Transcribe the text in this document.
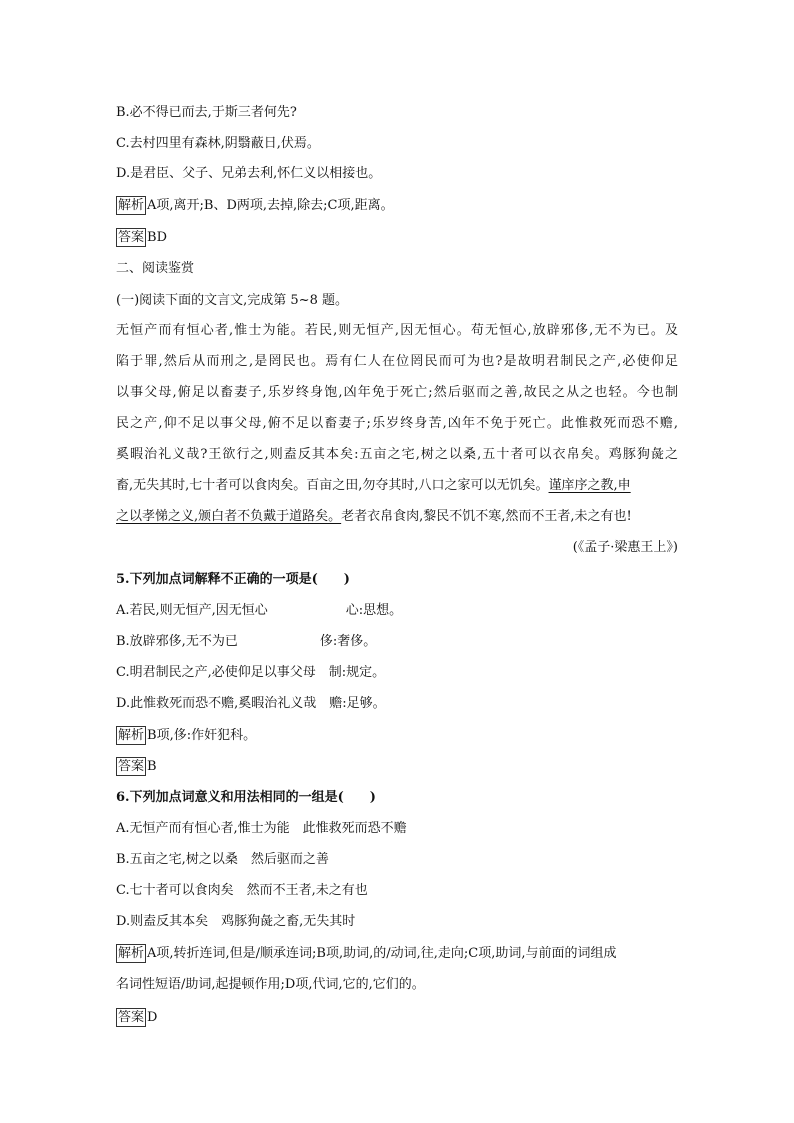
B.必不得已而去,于斯三者何先?
C.去村四里有森林,阴翳蔽日,伏焉。
D.是君臣、父子、兄弟去利,怀仁义以相接也。
解析 A项,离开;B、D两项,去掉,除去;C项,距离。
答案 BD
二、阅读鉴赏
(一)阅读下面的文言文,完成第 5~8 题。
无恒产而有恒心者,惟士为能。若民,则无恒产,因无恒心。苟无恒心,放辟邪侈,无不为已。及
陷于罪,然后从而刑之,是罔民也。焉有仁人在位罔民而可为也?是故明君制民之产,必使仰足
以事父母,俯足以畜妻子,乐岁终身饱,凶年免于死亡;然后驱而之善,故民之从之也轻。今也制
民之产,仰不足以事父母,俯不足以畜妻子;乐岁终身苦,凶年不免于死亡。此惟救死而恐不赡,
奚暇治礼义哉?王欲行之,则盍反其本矣:五亩之宅,树之以桑,五十者可以衣帛矣。鸡豚狗彘之
畜,无失其时,七十者可以食肉矣。百亩之田,勿夺其时,八口之家可以无饥矣。谨庠序之教,申
之以孝悌之义,颁白者不负戴于道路矣。老者衣帛食肉,黎民不饥不寒,然而不王者,未之有也!
(《孟子·梁惠王上》)
5.下列加点词解释不正确的一项是(　　)
A.若民,则无恒产,因无恒心	心:思想。
B.放辟邪侈,无不为已	侈:奢侈。
C.明君制民之产,必使仰足以事父母　制:规定。
D.此惟救死而恐不赡,奚暇治礼义哉　赡:足够。
解析 B项,侈:作奸犯科。
答案 B
6.下列加点词意义和用法相同的一组是(　　)
A.无恒产而有恒心者,惟士为能　此惟救死而恐不赡
B.五亩之宅,树之以桑　然后驱而之善
C.七十者可以食肉矣　然而不王者,未之有也
D.则盍反其本矣　鸡豚狗彘之畜,无失其时
解析 A项,转折连词,但是/顺承连词;B项,助词,的/动词,往,走向;C项,助词,与前面的词组成
名词性短语/助词,起提顿作用;D项,代词,它的,它们的。
答案 D
